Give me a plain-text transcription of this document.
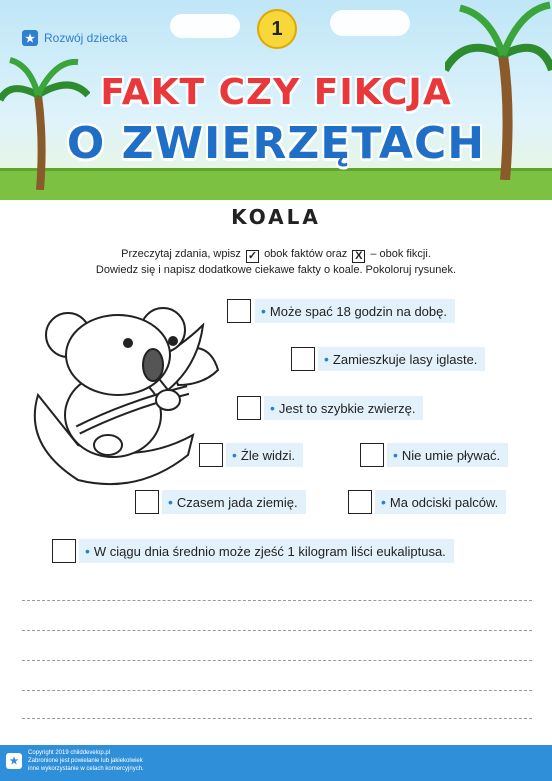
★ Rozwój dziecka	1
FAKT CZY FIKCJA
O ZWIERZĘTACH
KOALA
Przeczytaj zdania, wpisz ✓ obok faktów oraz X – obok fikcji.
Dowiedz się i napisz dodatkowe ciekawe fakty o koale. Pokoloruj rysunek.
• Może spać 18 godzin na dobę.
• Zamieszkuje lasy iglaste.
• Jest to szybkie zwierzę.
• Źle widzi.	• Nie umie pływać.
• Czasem jada ziemię.	• Ma odciski palców.
• W ciągu dnia średnio może zjeść 1 kilogram liści eukaliptusa.
★
Copyright 2019 childdevelop.pl
Zabronione jest powielanie lub jakiekolwiek
inne wykorzystanie w celach komercyjnych.
